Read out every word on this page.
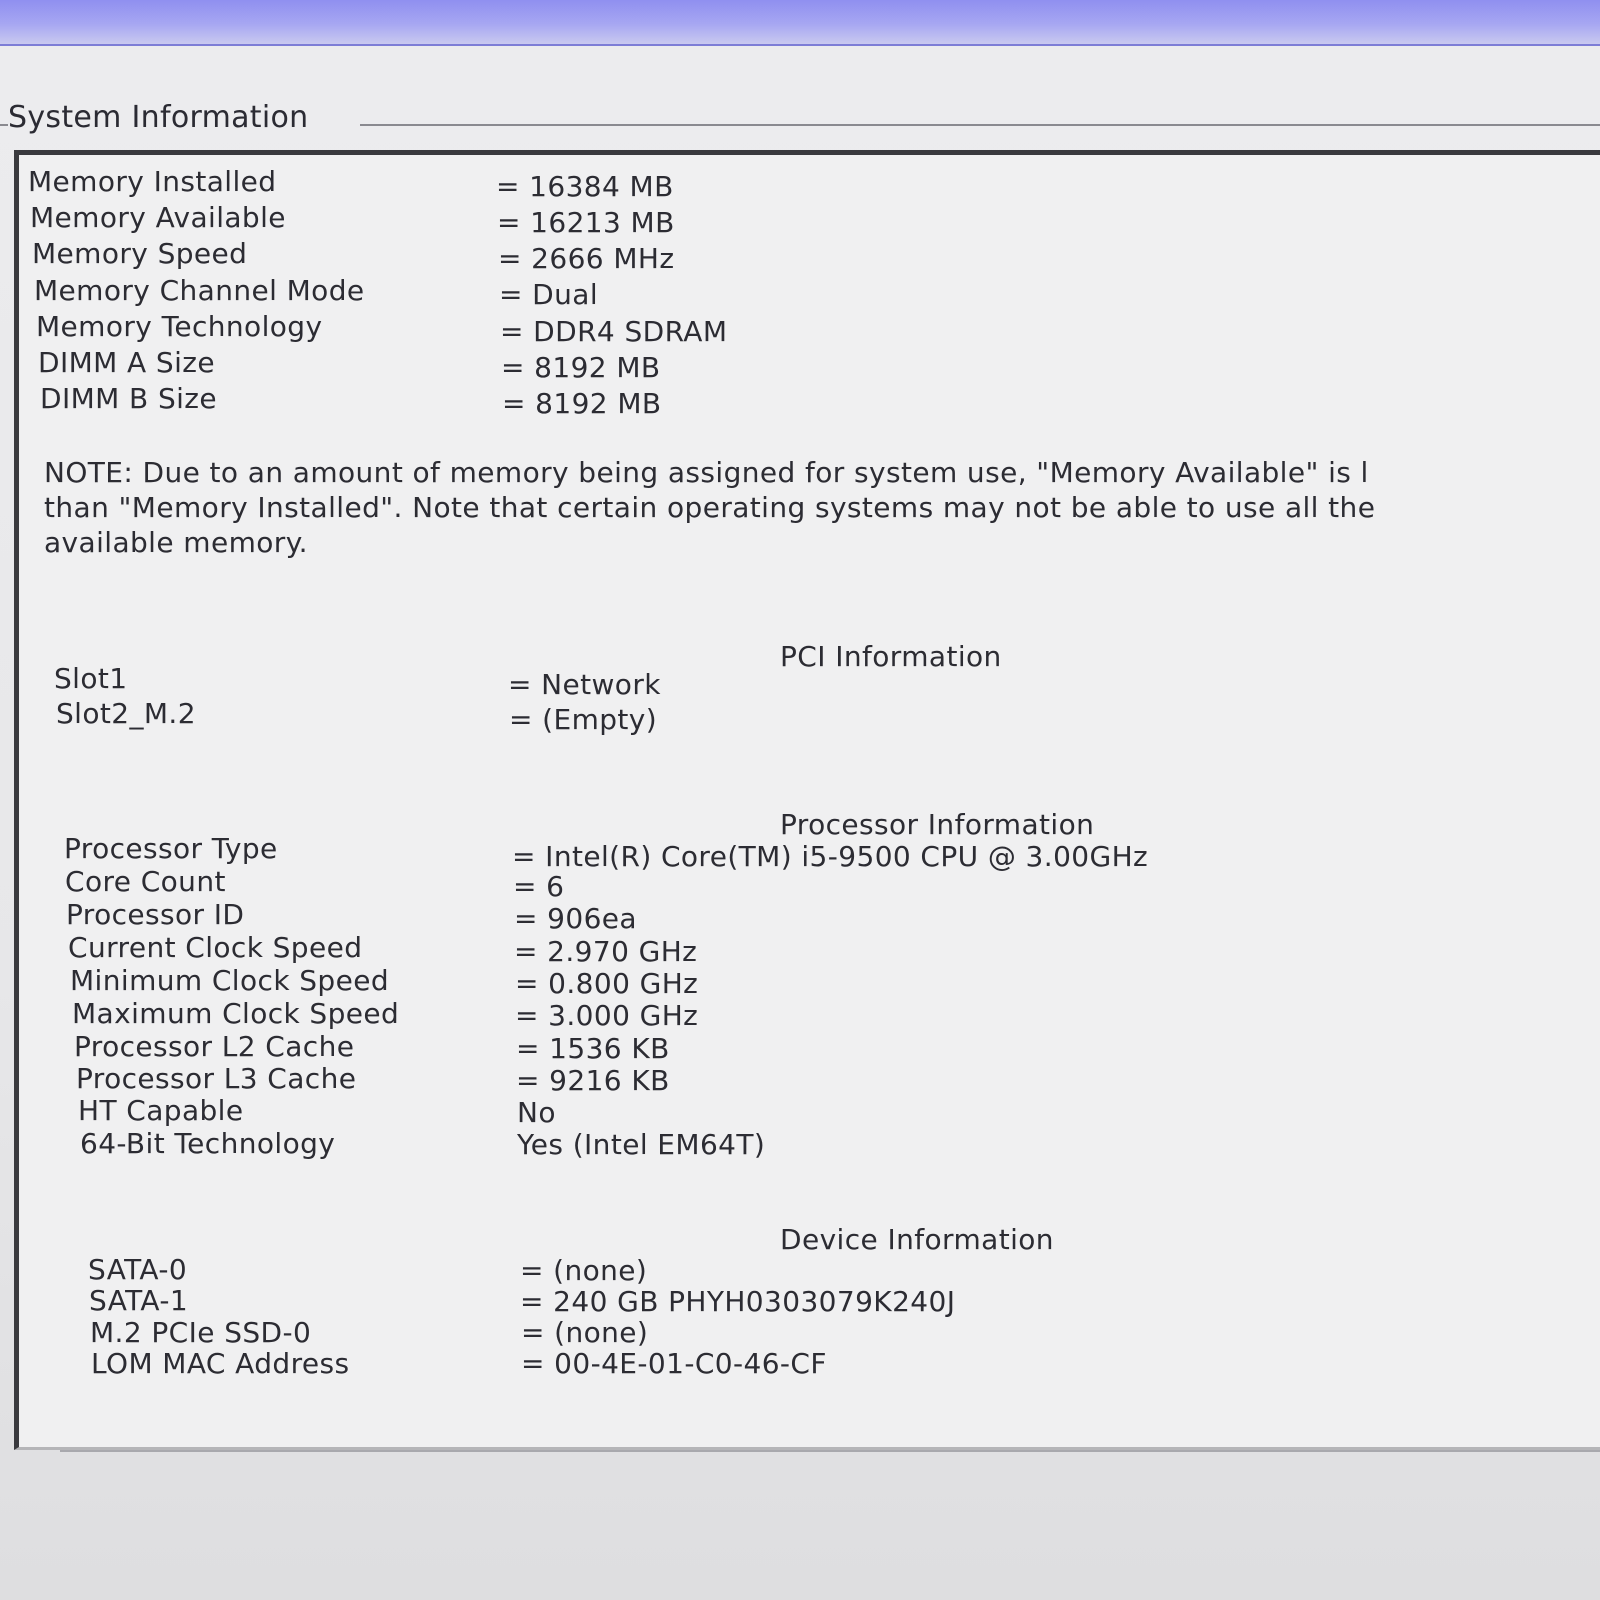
System Information
Memory Installed	= 16384 MB
Memory Available	= 16213 MB
Memory Speed	= 2666 MHz
Memory Channel Mode	= Dual
Memory Technology	= DDR4 SDRAM
DIMM A Size	= 8192 MB
DIMM B Size	= 8192 MB
NOTE: Due to an amount of memory being assigned for system use, "Memory Available" is l
than "Memory Installed". Note that certain operating systems may not be able to use all the
available memory.
PCI Information
Slot1	= Network
Slot2_M.2	= (Empty)
Processor Information
Processor Type	= Intel(R) Core(TM) i5-9500 CPU @ 3.00GHz
Core Count	= 6
Processor ID	= 906ea
Current Clock Speed	= 2.970 GHz
Minimum Clock Speed	= 0.800 GHz
Maximum Clock Speed	= 3.000 GHz
Processor L2 Cache	= 1536 KB
Processor L3 Cache	= 9216 KB
HT Capable	No
64-Bit Technology	Yes (Intel EM64T)
Device Information
SATA-0	= (none)
SATA-1	= 240 GB PHYH0303079K240J
M.2 PCIe SSD-0	= (none)
LOM MAC Address	= 00-4E-01-C0-46-CF
